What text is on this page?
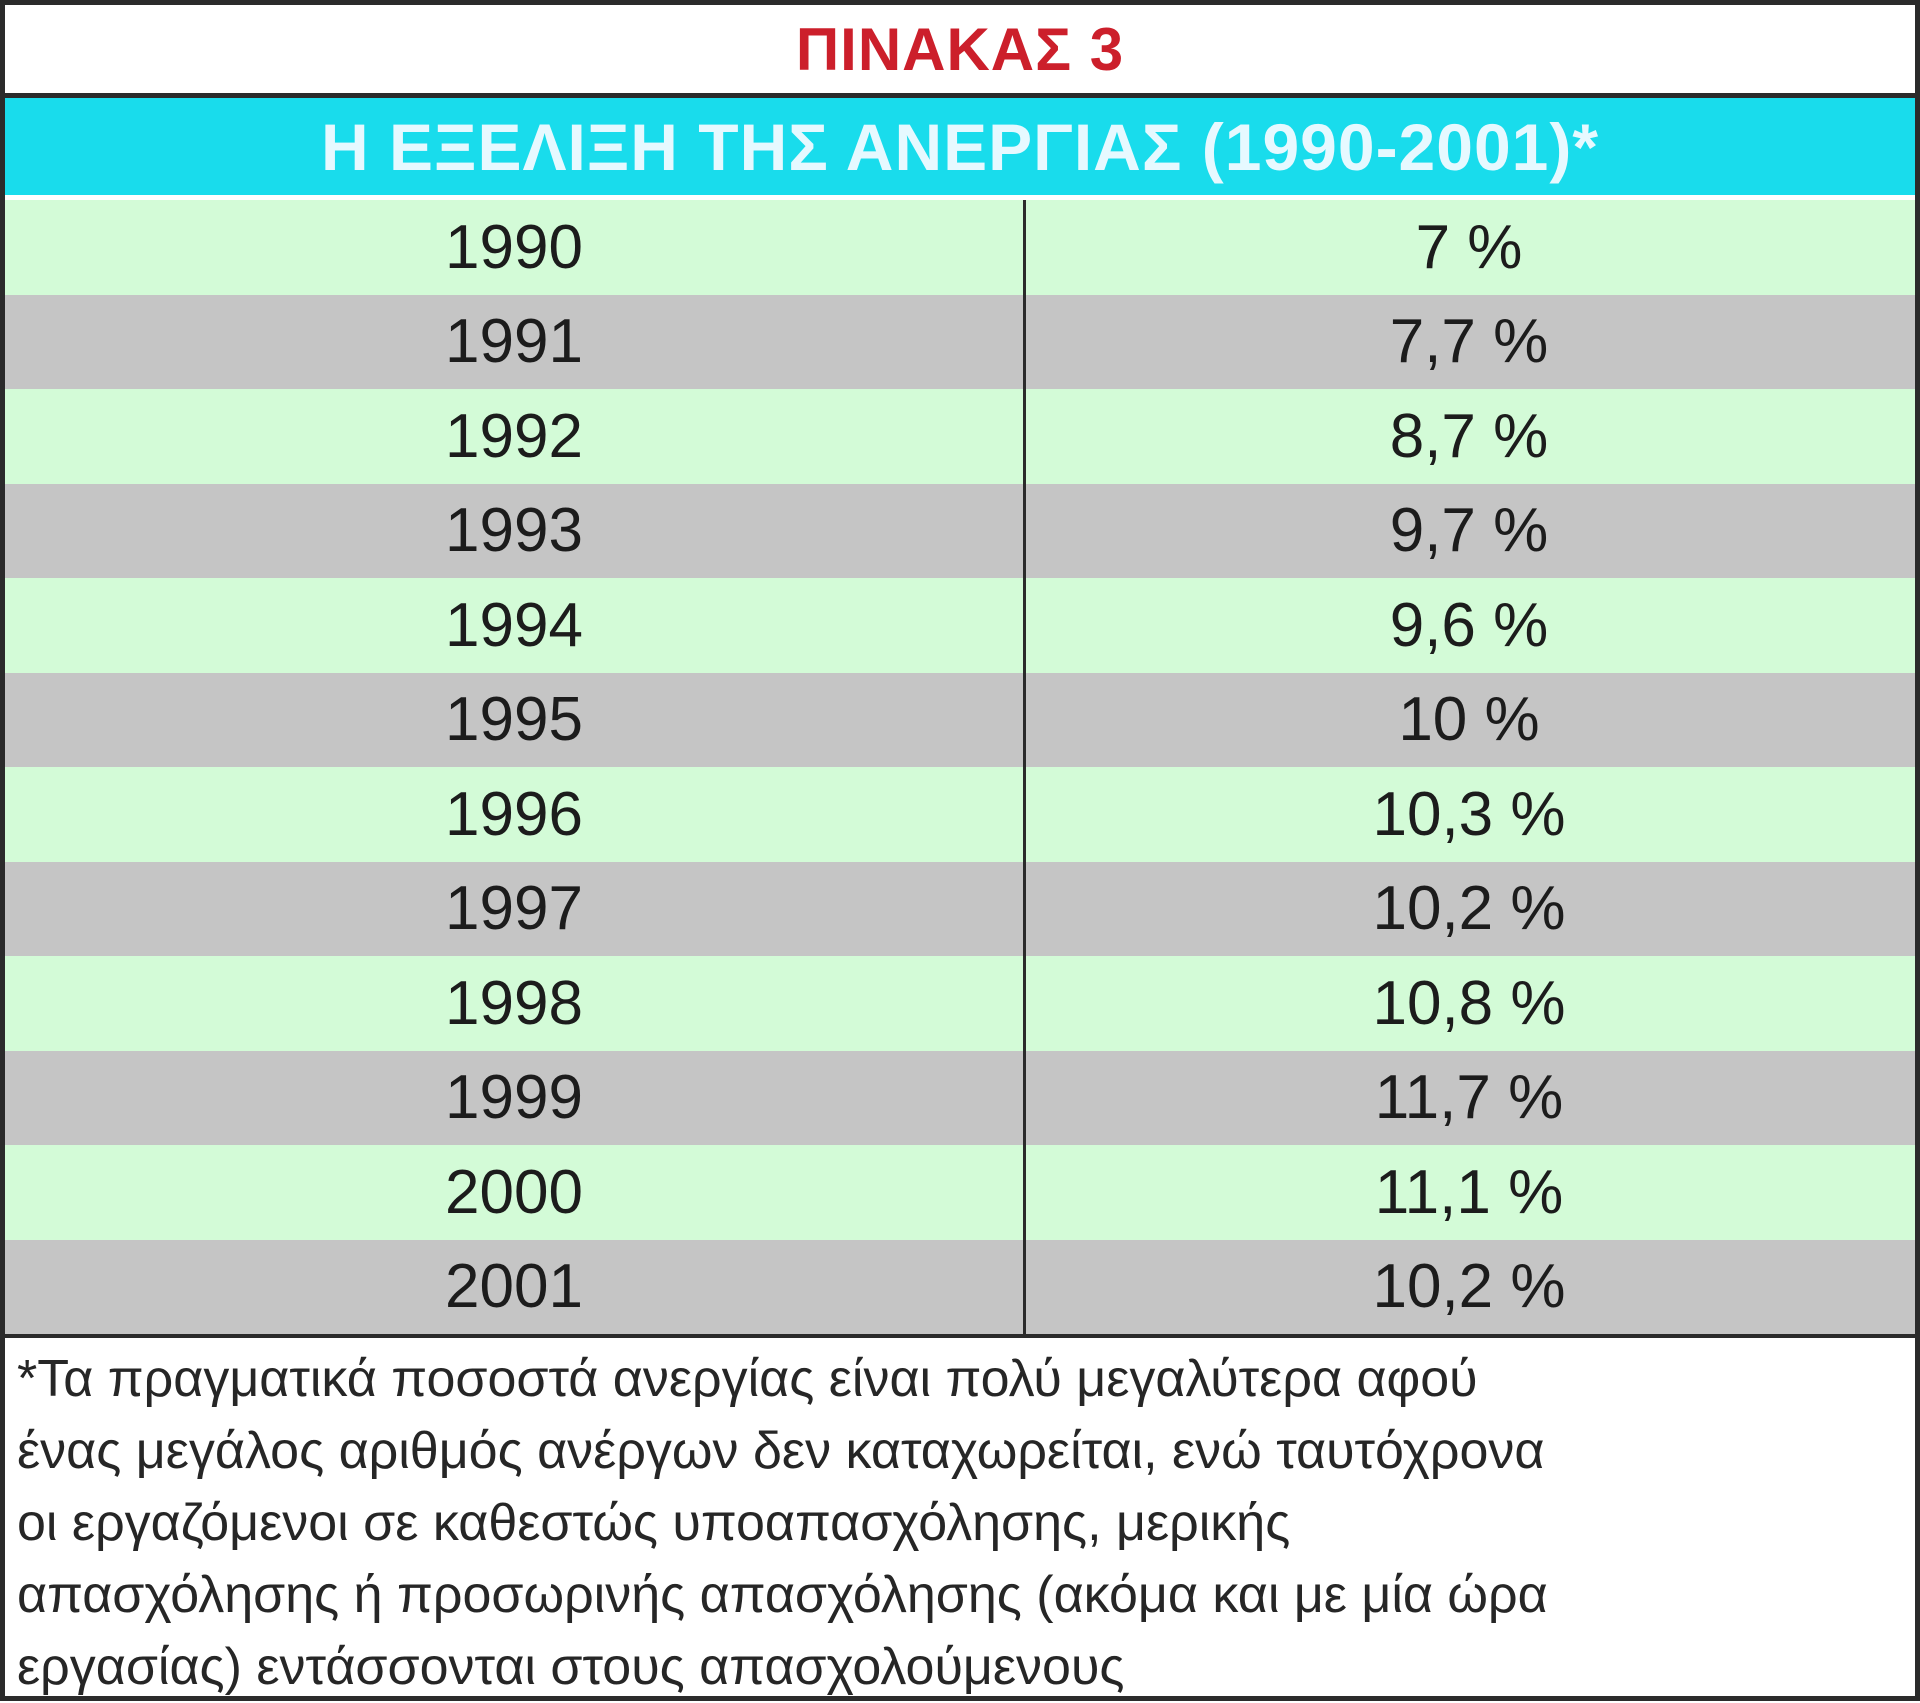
ΠΙΝΑΚΑΣ 3
Η ΕΞΕΛΙΞΗ ΤΗΣ ΑΝΕΡΓΙΑΣ (1990-2001)*
1990	7 %
1991	7,7 %
1992	8,7 %
1993	9,7 %
1994	9,6 %
1995	10 %
1996	10,3 %
1997	10,2 %
1998	10,8 %
1999	11,7 %
2000	11,1 %
2001	10,2 %
*Τα πραγματικά ποσοστά ανεργίας είναι πολύ μεγαλύτερα αφού
ένας μεγάλος αριθμός ανέργων δεν καταχωρείται, ενώ ταυτόχρονα
οι εργαζόμενοι σε καθεστώς υποαπασχόλησης, μερικής
απασχόλησης ή προσωρινής απασχόλησης (ακόμα και με μία ώρα
εργασίας) εντάσσονται στους απασχολούμενους
